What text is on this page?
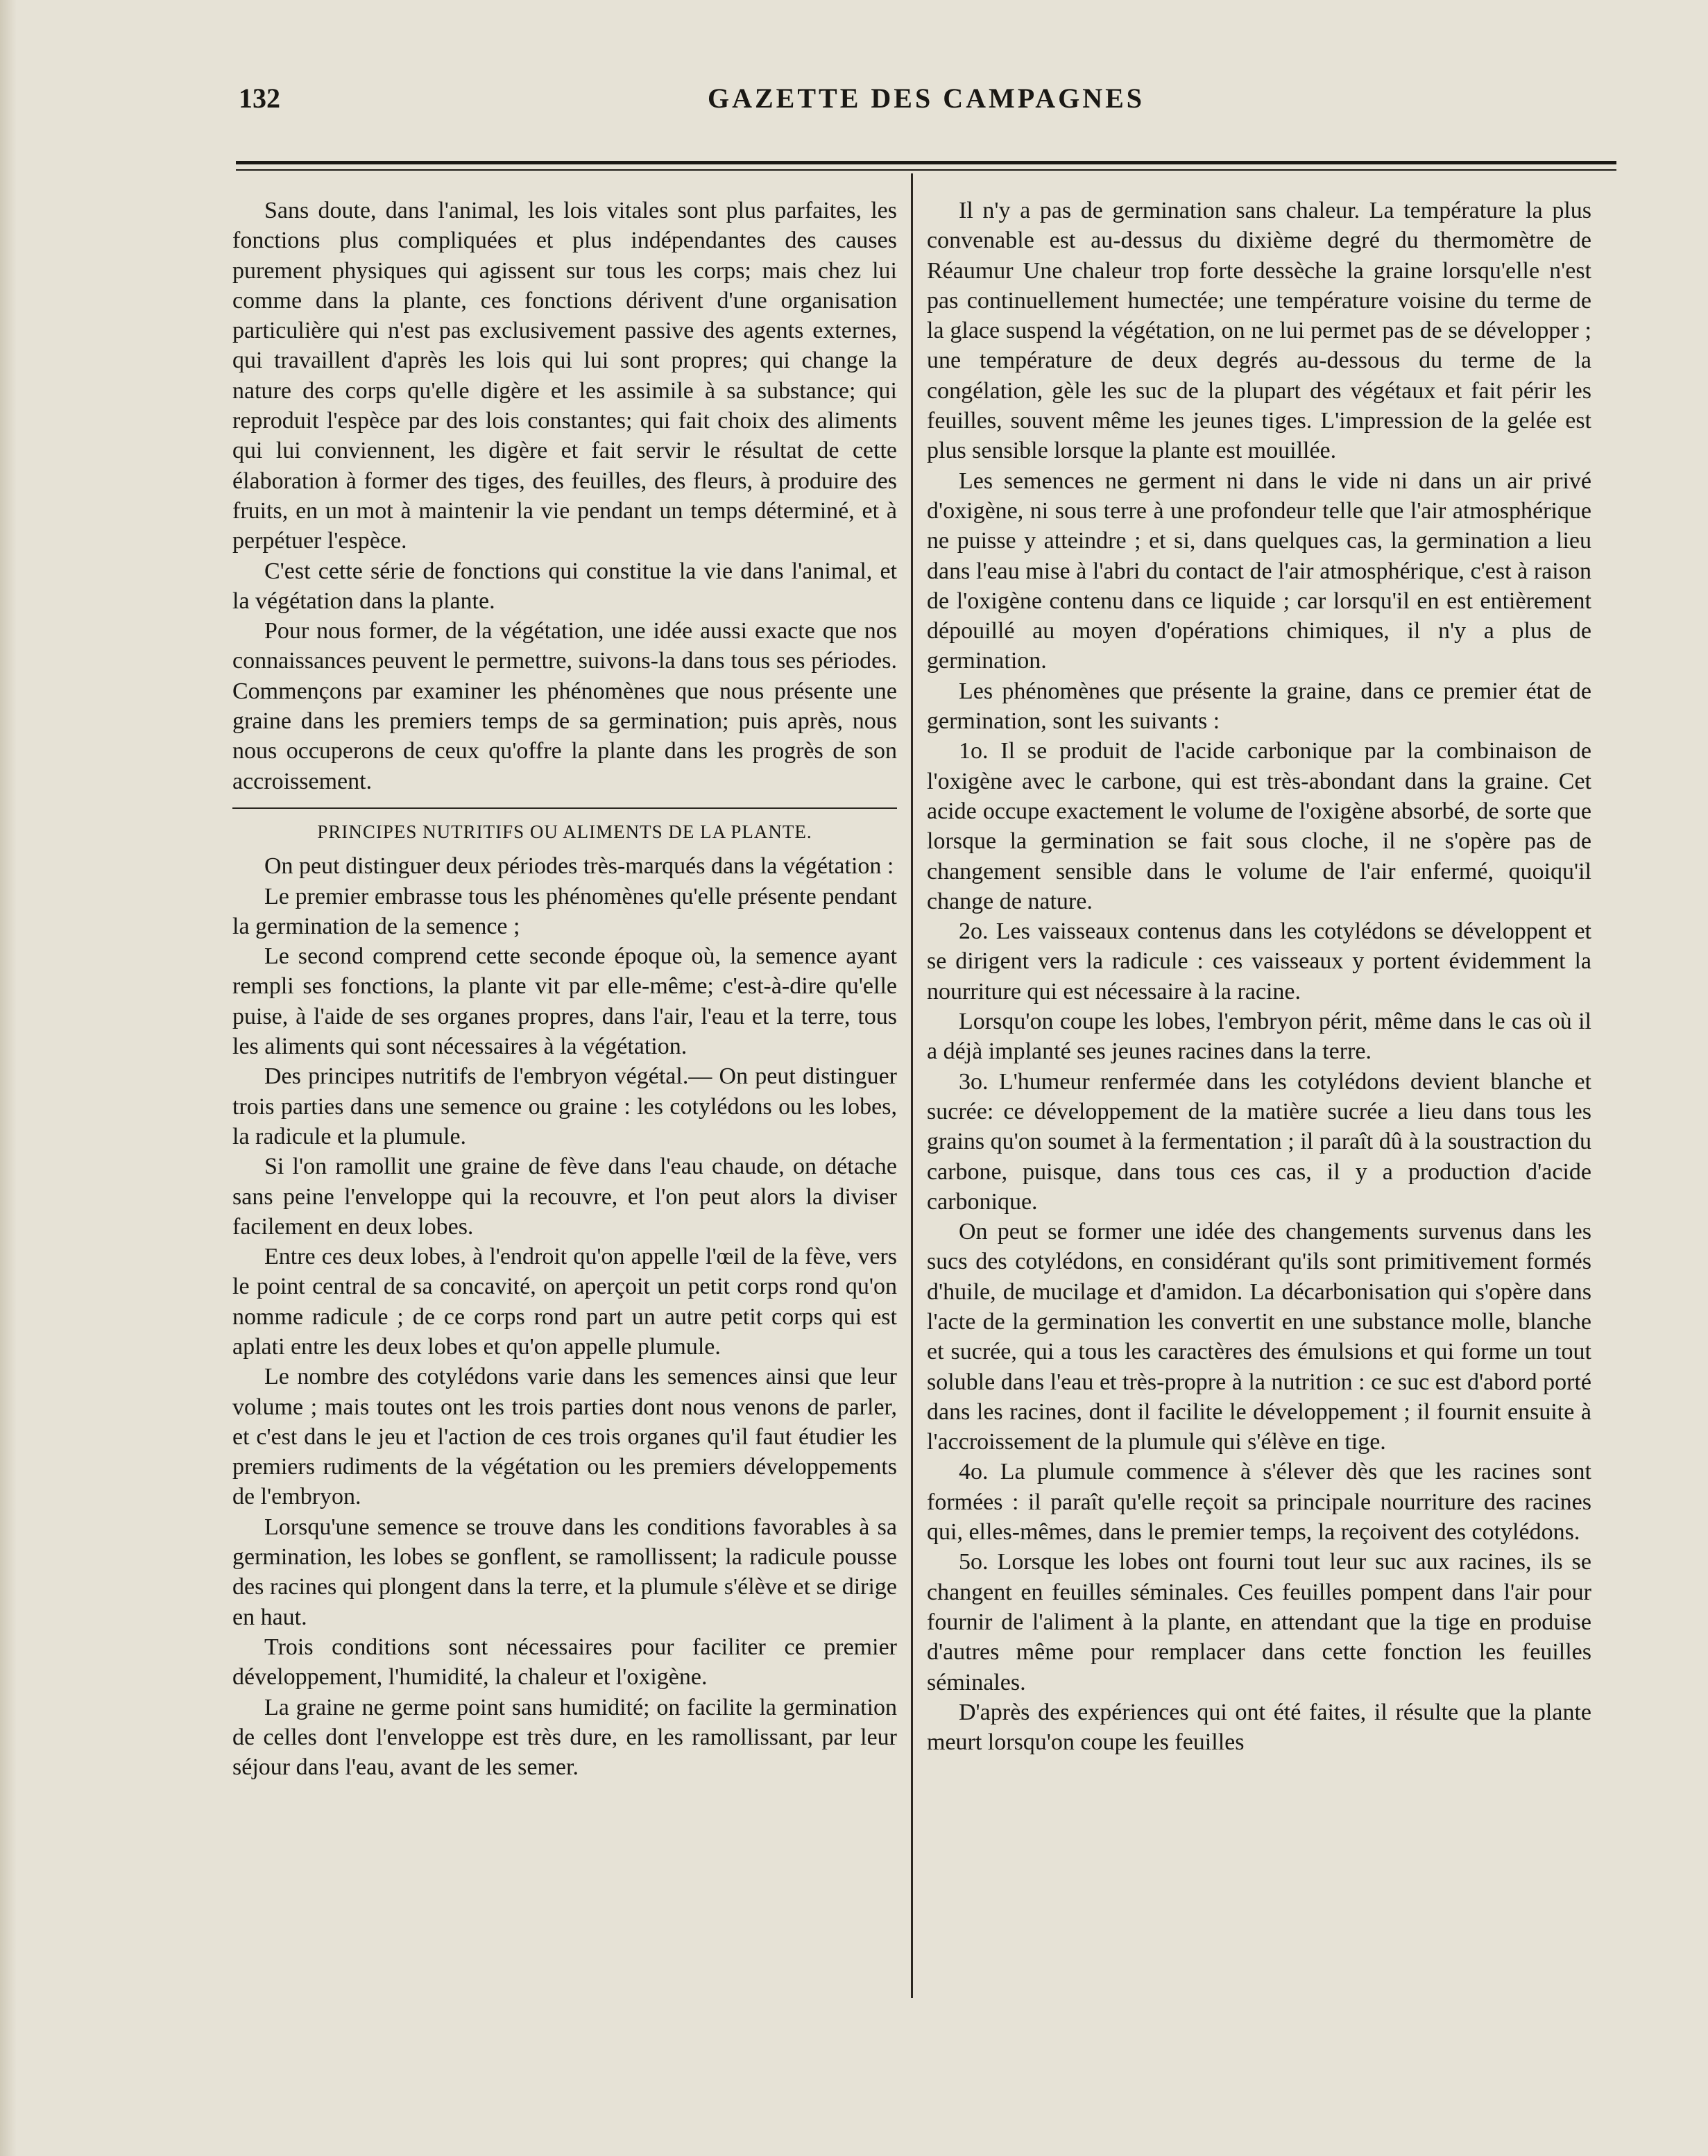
132	GAZETTE DES CAMPAGNES

Sans doute, dans l'animal, les lois vitales sont plus parfaites, les fonctions plus compliquées et plus indépendantes des causes purement physiques qui agissent sur tous les corps; mais chez lui comme dans la plante, ces fonctions dérivent d'une organisation particulière qui n'est pas exclusivement passive des agents externes, qui travaillent d'après les lois qui lui sont propres; qui change la nature des corps qu'elle digère et les assimile à sa substance; qui reproduit l'espèce par des lois constantes; qui fait choix des aliments qui lui conviennent, les digère et fait servir le résultat de cette élaboration à former des tiges, des feuilles, des fleurs, à produire des fruits, en un mot à maintenir la vie pendant un temps déterminé, et à perpétuer l'espèce.

C'est cette série de fonctions qui constitue la vie dans l'animal, et la végétation dans la plante.

Pour nous former, de la végétation, une idée aussi exacte que nos connaissances peuvent le permettre, suivons-la dans tous ses périodes. Commençons par examiner les phénomènes que nous présente une graine dans les premiers temps de sa germination; puis après, nous nous occuperons de ceux qu'offre la plante dans les progrès de son accroissement.

PRINCIPES NUTRITIFS OU ALIMENTS DE LA PLANTE.

On peut distinguer deux périodes très-marqués dans la végétation :

Le premier embrasse tous les phénomènes qu'elle présente pendant la germination de la semence ;

Le second comprend cette seconde époque où, la semence ayant rempli ses fonctions, la plante vit par elle-même; c'est-à-dire qu'elle puise, à l'aide de ses organes propres, dans l'air, l'eau et la terre, tous les aliments qui sont nécessaires à la végétation.

Des principes nutritifs de l'embryon végétal.— On peut distinguer trois parties dans une semence ou graine : les cotylédons ou les lobes, la radicule et la plumule.

Si l'on ramollit une graine de fève dans l'eau chaude, on détache sans peine l'enveloppe qui la recouvre, et l'on peut alors la diviser facilement en deux lobes.

Entre ces deux lobes, à l'endroit qu'on appelle l'œil de la fève, vers le point central de sa concavité, on aperçoit un petit corps rond qu'on nomme radicule ; de ce corps rond part un autre petit corps qui est aplati entre les deux lobes et qu'on appelle plumule.

Le nombre des cotylédons varie dans les semences ainsi que leur volume ; mais toutes ont les trois parties dont nous venons de parler, et c'est dans le jeu et l'action de ces trois organes qu'il faut étudier les premiers rudiments de la végétation ou les premiers développements de l'embryon.

Lorsqu'une semence se trouve dans les conditions favorables à sa germination, les lobes se gonflent, se ramollissent; la radicule pousse des racines qui plongent dans la terre, et la plumule s'élève et se dirige en haut.

Trois conditions sont nécessaires pour faciliter ce premier développement, l'humidité, la chaleur et l'oxigène.

La graine ne germe point sans humidité; on facilite la germination de celles dont l'enveloppe est très dure, en les ramollissant, par leur séjour dans l'eau, avant de les semer.

Il n'y a pas de germination sans chaleur. La température la plus convenable est au-dessus du dixième degré du thermomètre de Réaumur Une chaleur trop forte dessèche la graine lorsqu'elle n'est pas continuellement humectée; une température voisine du terme de la glace suspend la végétation, on ne lui permet pas de se développer ; une température de deux degrés au-dessous du terme de la congélation, gèle les suc de la plupart des végétaux et fait périr les feuilles, souvent même les jeunes tiges. L'impression de la gelée est plus sensible lorsque la plante est mouillée.

Les semences ne germent ni dans le vide ni dans un air privé d'oxigène, ni sous terre à une profondeur telle que l'air atmosphérique ne puisse y atteindre ; et si, dans quelques cas, la germination a lieu dans l'eau mise à l'abri du contact de l'air atmosphérique, c'est à raison de l'oxigène contenu dans ce liquide ; car lorsqu'il en est entièrement dépouillé au moyen d'opérations chimiques, il n'y a plus de germination.

Les phénomènes que présente la graine, dans ce premier état de germination, sont les suivants :

1o. Il se produit de l'acide carbonique par la combinaison de l'oxigène avec le carbone, qui est très-abondant dans la graine. Cet acide occupe exactement le volume de l'oxigène absorbé, de sorte que lorsque la germination se fait sous cloche, il ne s'opère pas de changement sensible dans le volume de l'air enfermé, quoiqu'il change de nature.

2o. Les vaisseaux contenus dans les cotylédons se développent et se dirigent vers la radicule : ces vaisseaux y portent évidemment la nourriture qui est nécessaire à la racine.

Lorsqu'on coupe les lobes, l'embryon périt, même dans le cas où il a déjà implanté ses jeunes racines dans la terre.

3o. L'humeur renfermée dans les cotylédons devient blanche et sucrée: ce développement de la matière sucrée a lieu dans tous les grains qu'on soumet à la fermentation ; il paraît dû à la soustraction du carbone, puisque, dans tous ces cas, il y a production d'acide carbonique.

On peut se former une idée des changements survenus dans les sucs des cotylédons, en considérant qu'ils sont primitivement formés d'huile, de mucilage et d'amidon. La décarbonisation qui s'opère dans l'acte de la germination les convertit en une substance molle, blanche et sucrée, qui a tous les caractères des émulsions et qui forme un tout soluble dans l'eau et très-propre à la nutrition : ce suc est d'abord porté dans les racines, dont il facilite le développement ; il fournit ensuite à l'accroissement de la plumule qui s'élève en tige.

4o. La plumule commence à s'élever dès que les racines sont formées : il paraît qu'elle reçoit sa principale nourriture des racines qui, elles-mêmes, dans le premier temps, la reçoivent des cotylédons.

5o. Lorsque les lobes ont fourni tout leur suc aux racines, ils se changent en feuilles séminales. Ces feuilles pompent dans l'air pour fournir de l'aliment à la plante, en attendant que la tige en produise d'autres même pour remplacer dans cette fonction les feuilles séminales.

D'après des expériences qui ont été faites, il résulte que la plante meurt lorsqu'on coupe les feuilles
